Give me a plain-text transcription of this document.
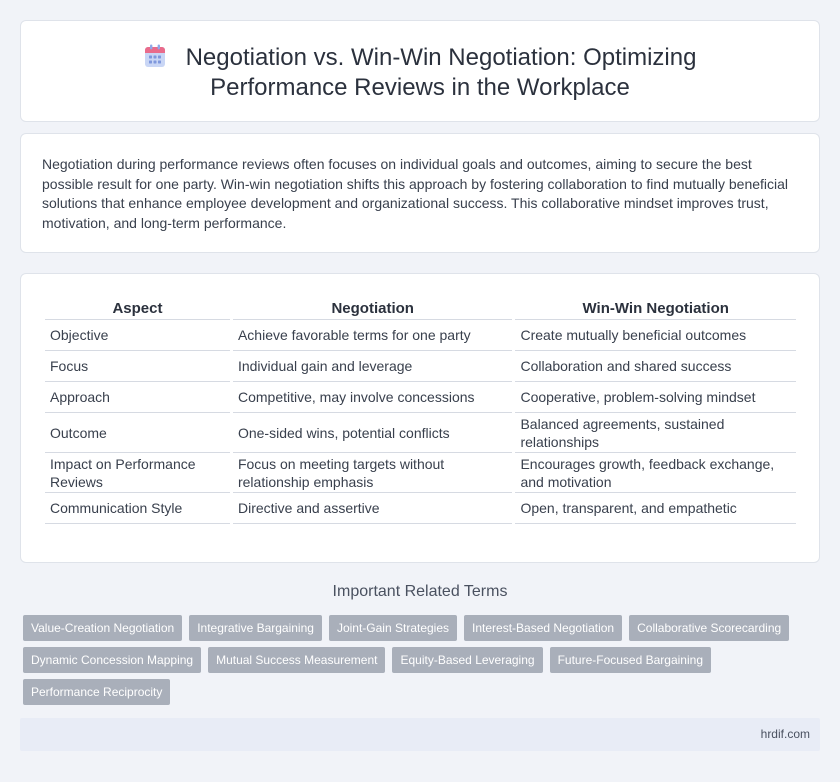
Negotiation vs. Win-Win Negotiation: Optimizing Performance Reviews in the Workplace

Negotiation during performance reviews often focuses on individual goals and outcomes, aiming to secure the best possible result for one party. Win-win negotiation shifts this approach by fostering collaboration to find mutually beneficial solutions that enhance employee development and organizational success. This collaborative mindset improves trust, motivation, and long-term performance.

Aspect	Negotiation	Win-Win Negotiation
Objective	Achieve favorable terms for one party	Create mutually beneficial outcomes
Focus	Individual gain and leverage	Collaboration and shared success
Approach	Competitive, may involve concessions	Cooperative, problem-solving mindset
Outcome	One-sided wins, potential conflicts	Balanced agreements, sustained relationships
Impact on Performance Reviews	Focus on meeting targets without relationship emphasis	Encourages growth, feedback exchange, and motivation
Communication Style	Directive and assertive	Open, transparent, and empathetic
Important Related Terms
Value-Creation Negotiation	Integrative Bargaining	Joint-Gain Strategies	Interest-Based Negotiation	Collaborative Scorecarding
Dynamic Concession Mapping	Mutual Success Measurement	Equity-Based Leveraging	Future-Focused Bargaining
Performance Reciprocity
hrdif.com
